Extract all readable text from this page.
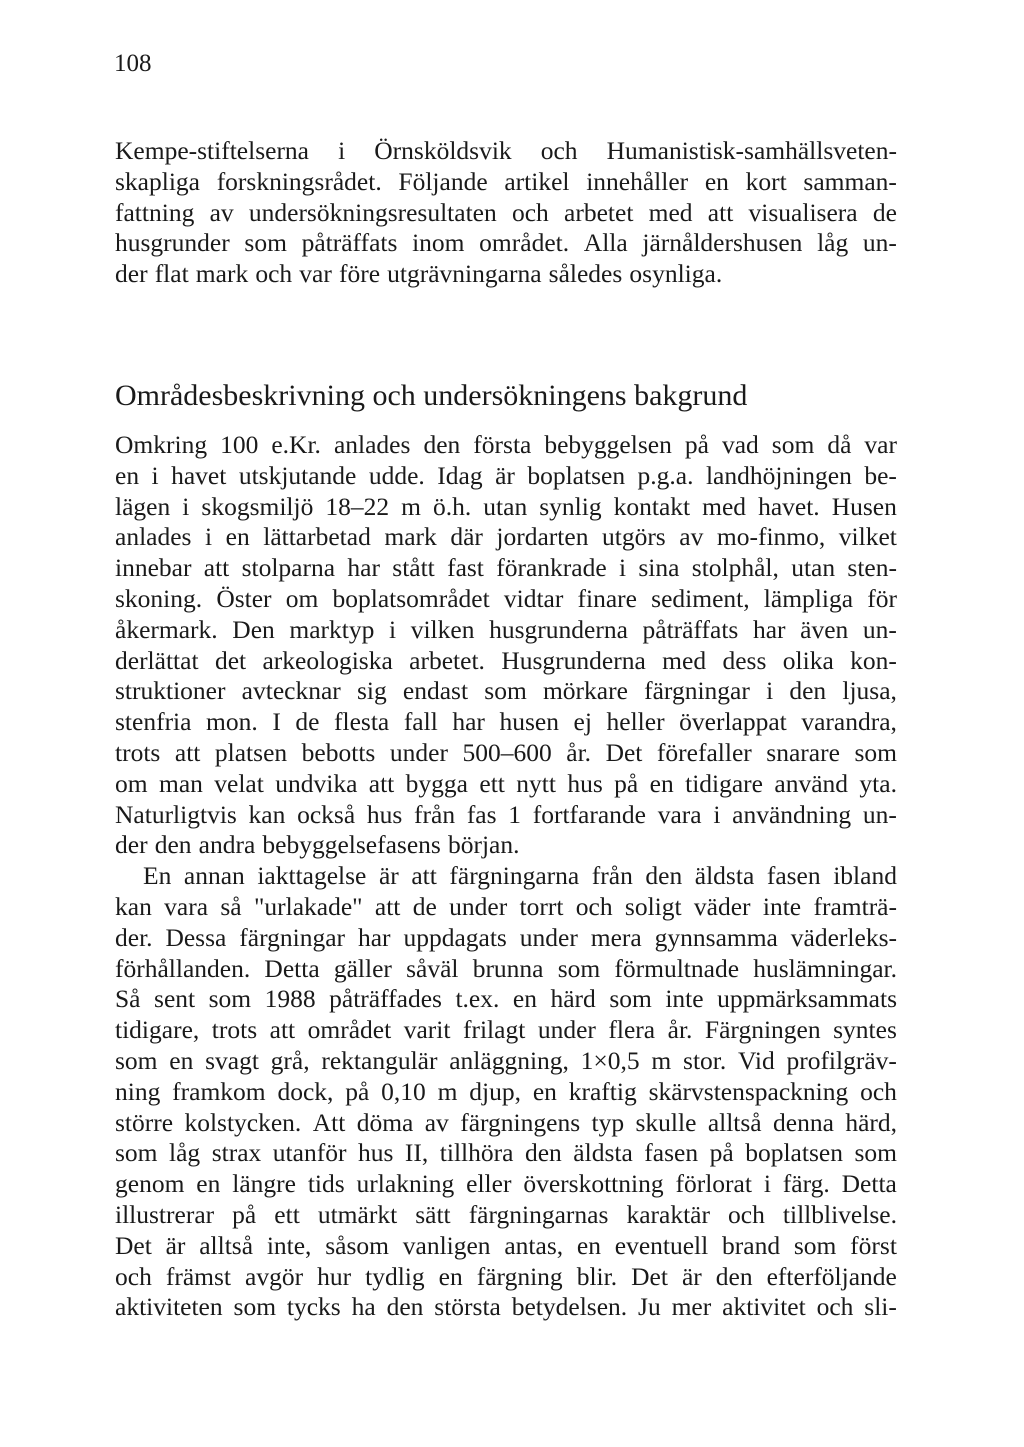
108

Kempe-stiftelserna i Örnsköldsvik och Humanistisk-samhällsveten-
skapliga forskningsrådet. Följande artikel innehåller en kort samman-
fattning av undersökningsresultaten och arbetet med att visualisera de
husgrunder som påträffats inom området. Alla järnåldershusen låg un-
der flat mark och var före utgrävningarna således osynliga.
Områdesbeskrivning och undersökningens bakgrund
Omkring 100 e.Kr. anlades den första bebyggelsen på vad som då var
en i havet utskjutande udde. Idag är boplatsen p.g.a. landhöjningen be-
lägen i skogsmiljö 18–22 m ö.h. utan synlig kontakt med havet. Husen
anlades i en lättarbetad mark där jordarten utgörs av mo-finmo, vilket
innebar att stolparna har stått fast förankrade i sina stolphål, utan sten-
skoning. Öster om boplatsområdet vidtar finare sediment, lämpliga för
åkermark. Den marktyp i vilken husgrunderna påträffats har även un-
derlättat det arkeologiska arbetet. Husgrunderna med dess olika kon-
struktioner avtecknar sig endast som mörkare färgningar i den ljusa,
stenfria mon. I de flesta fall har husen ej heller överlappat varandra,
trots att platsen bebotts under 500–600 år. Det förefaller snarare som
om man velat undvika att bygga ett nytt hus på en tidigare använd yta.
Naturligtvis kan också hus från fas 1 fortfarande vara i användning un-
der den andra bebyggelsefasens början.
En annan iakttagelse är att färgningarna från den äldsta fasen ibland
kan vara så "urlakade" att de under torrt och soligt väder inte framträ-
der. Dessa färgningar har uppdagats under mera gynnsamma väderleks-
förhållanden. Detta gäller såväl brunna som förmultnade huslämningar.
Så sent som 1988 påträffades t.ex. en härd som inte uppmärksammats
tidigare, trots att området varit frilagt under flera år. Färgningen syntes
som en svagt grå, rektangulär anläggning, 1×0,5 m stor. Vid profilgräv-
ning framkom dock, på 0,10 m djup, en kraftig skärvstenspackning och
större kolstycken. Att döma av färgningens typ skulle alltså denna härd,
som låg strax utanför hus II, tillhöra den äldsta fasen på boplatsen som
genom en längre tids urlakning eller överskottning förlorat i färg. Detta
illustrerar på ett utmärkt sätt färgningarnas karaktär och tillblivelse.
Det är alltså inte, såsom vanligen antas, en eventuell brand som först
och främst avgör hur tydlig en färgning blir. Det är den efterföljande
aktiviteten som tycks ha den största betydelsen. Ju mer aktivitet och sli-
